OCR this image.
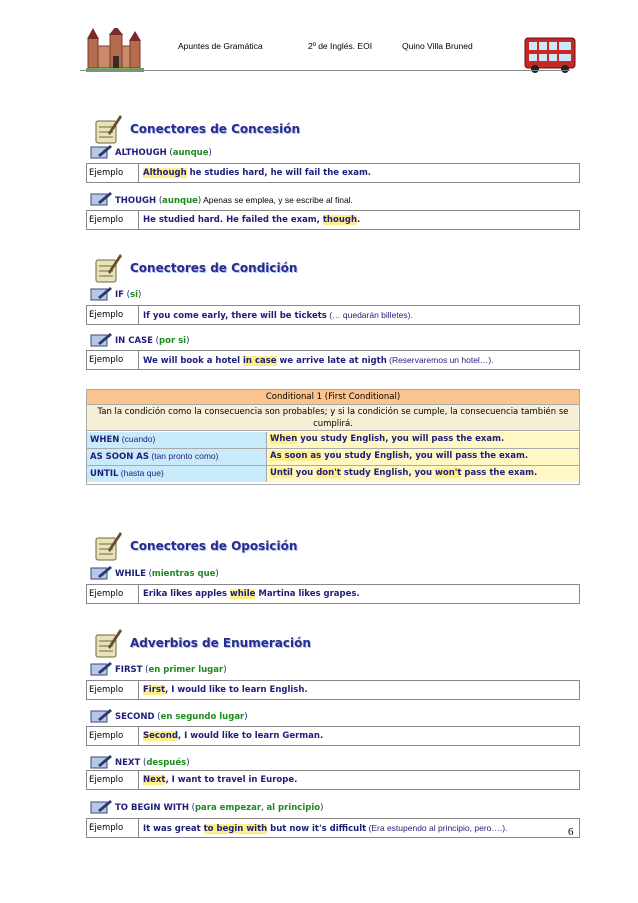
Apuntes de Gramática	2º de Inglés. EOI	Quino Villa Bruned
Conectores de Concesión
ALTHOUGH (aunque)
Ejemplo	Although he studies hard, he will fail the exam.
THOUGH (aunque) Apenas se emplea, y se escribe al final.
Ejemplo	He studied hard. He failed the exam, though.
Conectores de Condición
IF (si)
Ejemplo	If you come early, there will be tickets (… quedarán billetes).
IN CASE (por si)
Ejemplo	We will book a hotel in case we arrive late at nigth (Reservaremos un hotel…).
Conditional 1 (First Conditional)
Tan la condición como la consecuencia son probables; y si la condición se cumple, la consecuencia también se cumplirá.
WHEN (cuando)	When you study English, you will pass the exam.
AS SOON AS (tan pronto como)	As soon as you study English, you will pass the exam.
UNTIL (hasta que)	Until you don't study English, you won't pass the exam.
Conectores de Oposición
WHILE (mientras que)
Ejemplo	Erika likes apples while Martina likes grapes.
Adverbios de Enumeración
FIRST (en primer lugar)
Ejemplo	First, I would like to learn English.
SECOND (en segundo lugar)
Ejemplo	Second, I would like to learn German.
NEXT (después)
Ejemplo	Next, I want to travel in Europe.
TO BEGIN WITH (para empezar, al principio)
Ejemplo	It was great to begin with but now it's difficult (Era estupendo al principio, pero….).	6
